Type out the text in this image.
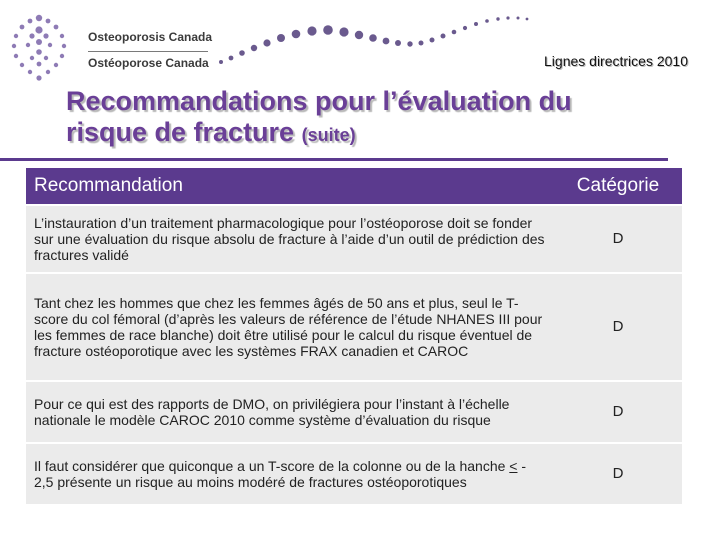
Osteoporosis Canada
Ostéoporose Canada	Lignes directrices 2010
Recommandations pour l’évaluation du
risque de fracture (suite)
Recommandation	Catégorie
L’instauration d’un traitement pharmacologique pour l’ostéoporose doit se fonder sur une évaluation du risque absolu de fracture à l’aide d’un outil de prédiction des fractures validé	D
Tant chez les hommes que chez les femmes âgés de 50 ans et plus, seul le T-score du col fémoral (d’après les valeurs de référence de l’étude NHANES III pour les femmes de race blanche) doit être utilisé pour le calcul du risque éventuel de fracture ostéoporotique avec les systèmes FRAX canadien et CAROC	D
Pour ce qui est des rapports de DMO, on privilégiera pour l’instant à l’échelle nationale le modèle CAROC 2010 comme système d’évaluation du risque	D
Il faut considérer que quiconque a un T-score de la colonne ou de la hanche < - 2,5 présente un risque au moins modéré de fractures ostéoporotiques	D
